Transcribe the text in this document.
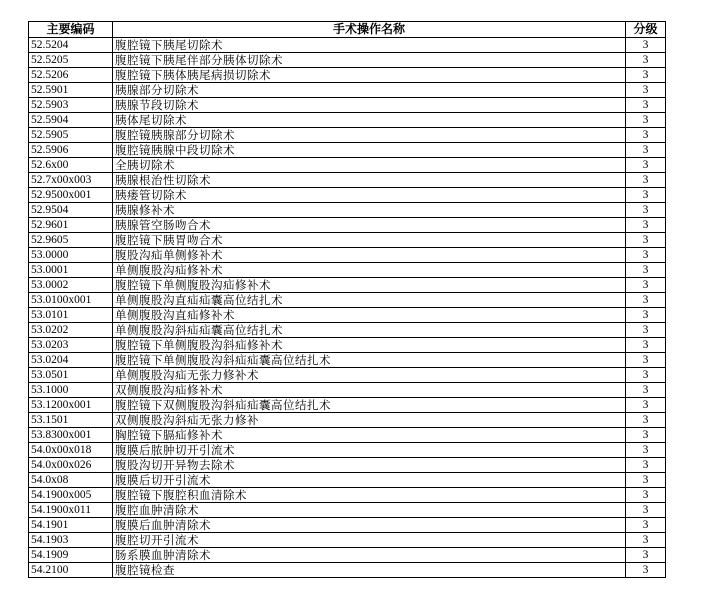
主要编码	手术操作名称	分级
52.5204	腹腔镜下胰尾切除术	3
52.5205	腹腔镜下胰尾伴部分胰体切除术	3
52.5206	腹腔镜下胰体胰尾病损切除术	3
52.5901	胰腺部分切除术	3
52.5903	胰腺节段切除术	3
52.5904	胰体尾切除术	3
52.5905	腹腔镜胰腺部分切除术	3
52.5906	腹腔镜胰腺中段切除术	3
52.6x00	全胰切除术	3
52.7x00x003	胰腺根治性切除术	3
52.9500x001	胰瘘管切除术	3
52.9504	胰腺修补术	3
52.9601	胰腺管空肠吻合术	3
52.9605	腹腔镜下胰胃吻合术	3
53.0000	腹股沟疝单侧修补术	3
53.0001	单侧腹股沟疝修补术	3
53.0002	腹腔镜下单侧腹股沟疝修补术	3
53.0100x001	单侧腹股沟直疝疝囊高位结扎术	3
53.0101	单侧腹股沟直疝修补术	3
53.0202	单侧腹股沟斜疝疝囊高位结扎术	3
53.0203	腹腔镜下单侧腹股沟斜疝修补术	3
53.0204	腹腔镜下单侧腹股沟斜疝疝囊高位结扎术	3
53.0501	单侧腹股沟疝无张力修补术	3
53.1000	双侧腹股沟疝修补术	3
53.1200x001	腹腔镜下双侧腹股沟斜疝疝囊高位结扎术	3
53.1501	双侧腹股沟斜疝无张力修补	3
53.8300x001	胸腔镜下膈疝修补术	3
54.0x00x018	腹膜后脓肿切开引流术	3
54.0x00x026	腹股沟切开异物去除术	3
54.0x08	腹膜后切开引流术	3
54.1900x005	腹腔镜下腹腔积血清除术	3
54.1900x011	腹腔血肿清除术	3
54.1901	腹膜后血肿清除术	3
54.1903	腹腔切开引流术	3
54.1909	肠系膜血肿清除术	3
54.2100	腹腔镜检查	3
